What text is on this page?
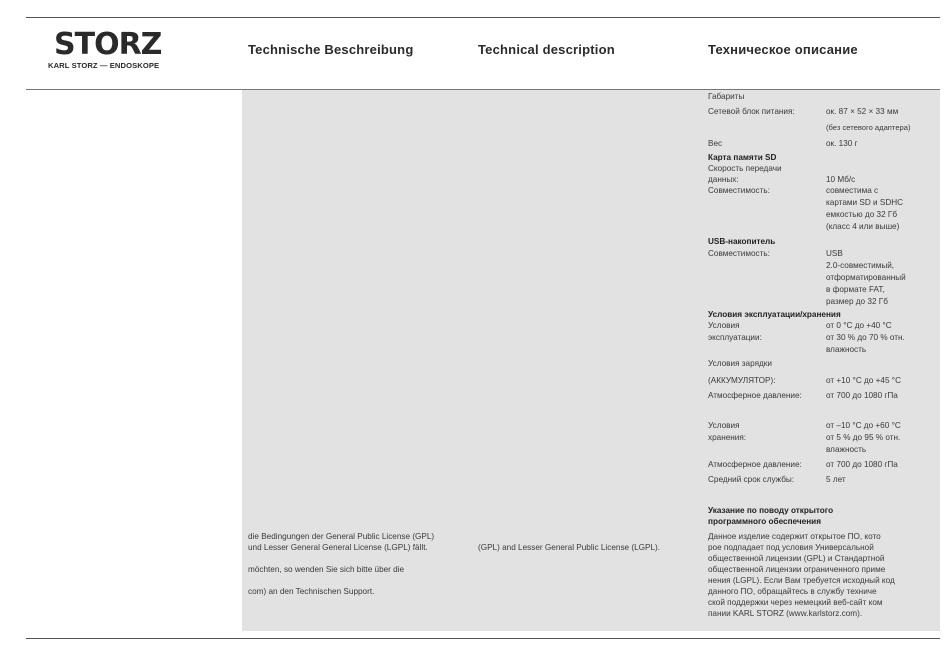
STORZ
KARL STORZ — ENDOSKOPE
Technische Beschreibung	Technical description	Техническое описание
Габариты
Сетевой блок питания:	ок. 87 × 52 × 33 мм
(без сетевого адаптера)
Вес	ок. 130 г
Карта памяти SD
Скорость передачи
данных:	10 Мб/с
Совместимость:	совместима с
картами SD и SDHC
емкостью до 32 Гб
(класс 4 или выше)
USB-накопитель
Совместимость:	USB
2.0-совместимый,
отформатированный
в формате FAT,
размер до 32 Гб
Условия эксплуатации/хранения
Условия	от 0 °C до +40 °C
эксплуатации:	от 30 % до 70 % отн.
влажность
Условия зарядки
(АККУМУЛЯТОР):	от +10 °C до +45 °C
Атмосферное давление:	от 700 до 1080 гПа
Условия	от –10 °C до +60 °C
хранения:	от 5 % до 95 % отн.
влажность
Атмосферное давление:	от 700 до 1080 гПа
Средний срок службы:	5 лет
Указание по поводу открытого
программного обеспечения
Данное изделие содержит открытое ПО, кото
рое подпадает под условия Универсальной
общественной лицензии (GPL) и Стандартной
общественной лицензии ограниченного приме
нения (LGPL). Если Вам требуется исходный код
данного ПО, обращайтесь в службу техниче
ской поддержки через немецкий веб-сайт ком
пании KARL STORZ (www.karlstorz.com).
die Bedingungen der General Public License (GPL)
und Lesser General General License (LGPL) fällt.
möchten, so wenden Sie sich bitte über die
com) an den Technischen Support.
(GPL) and Lesser General Public License (LGPL).
